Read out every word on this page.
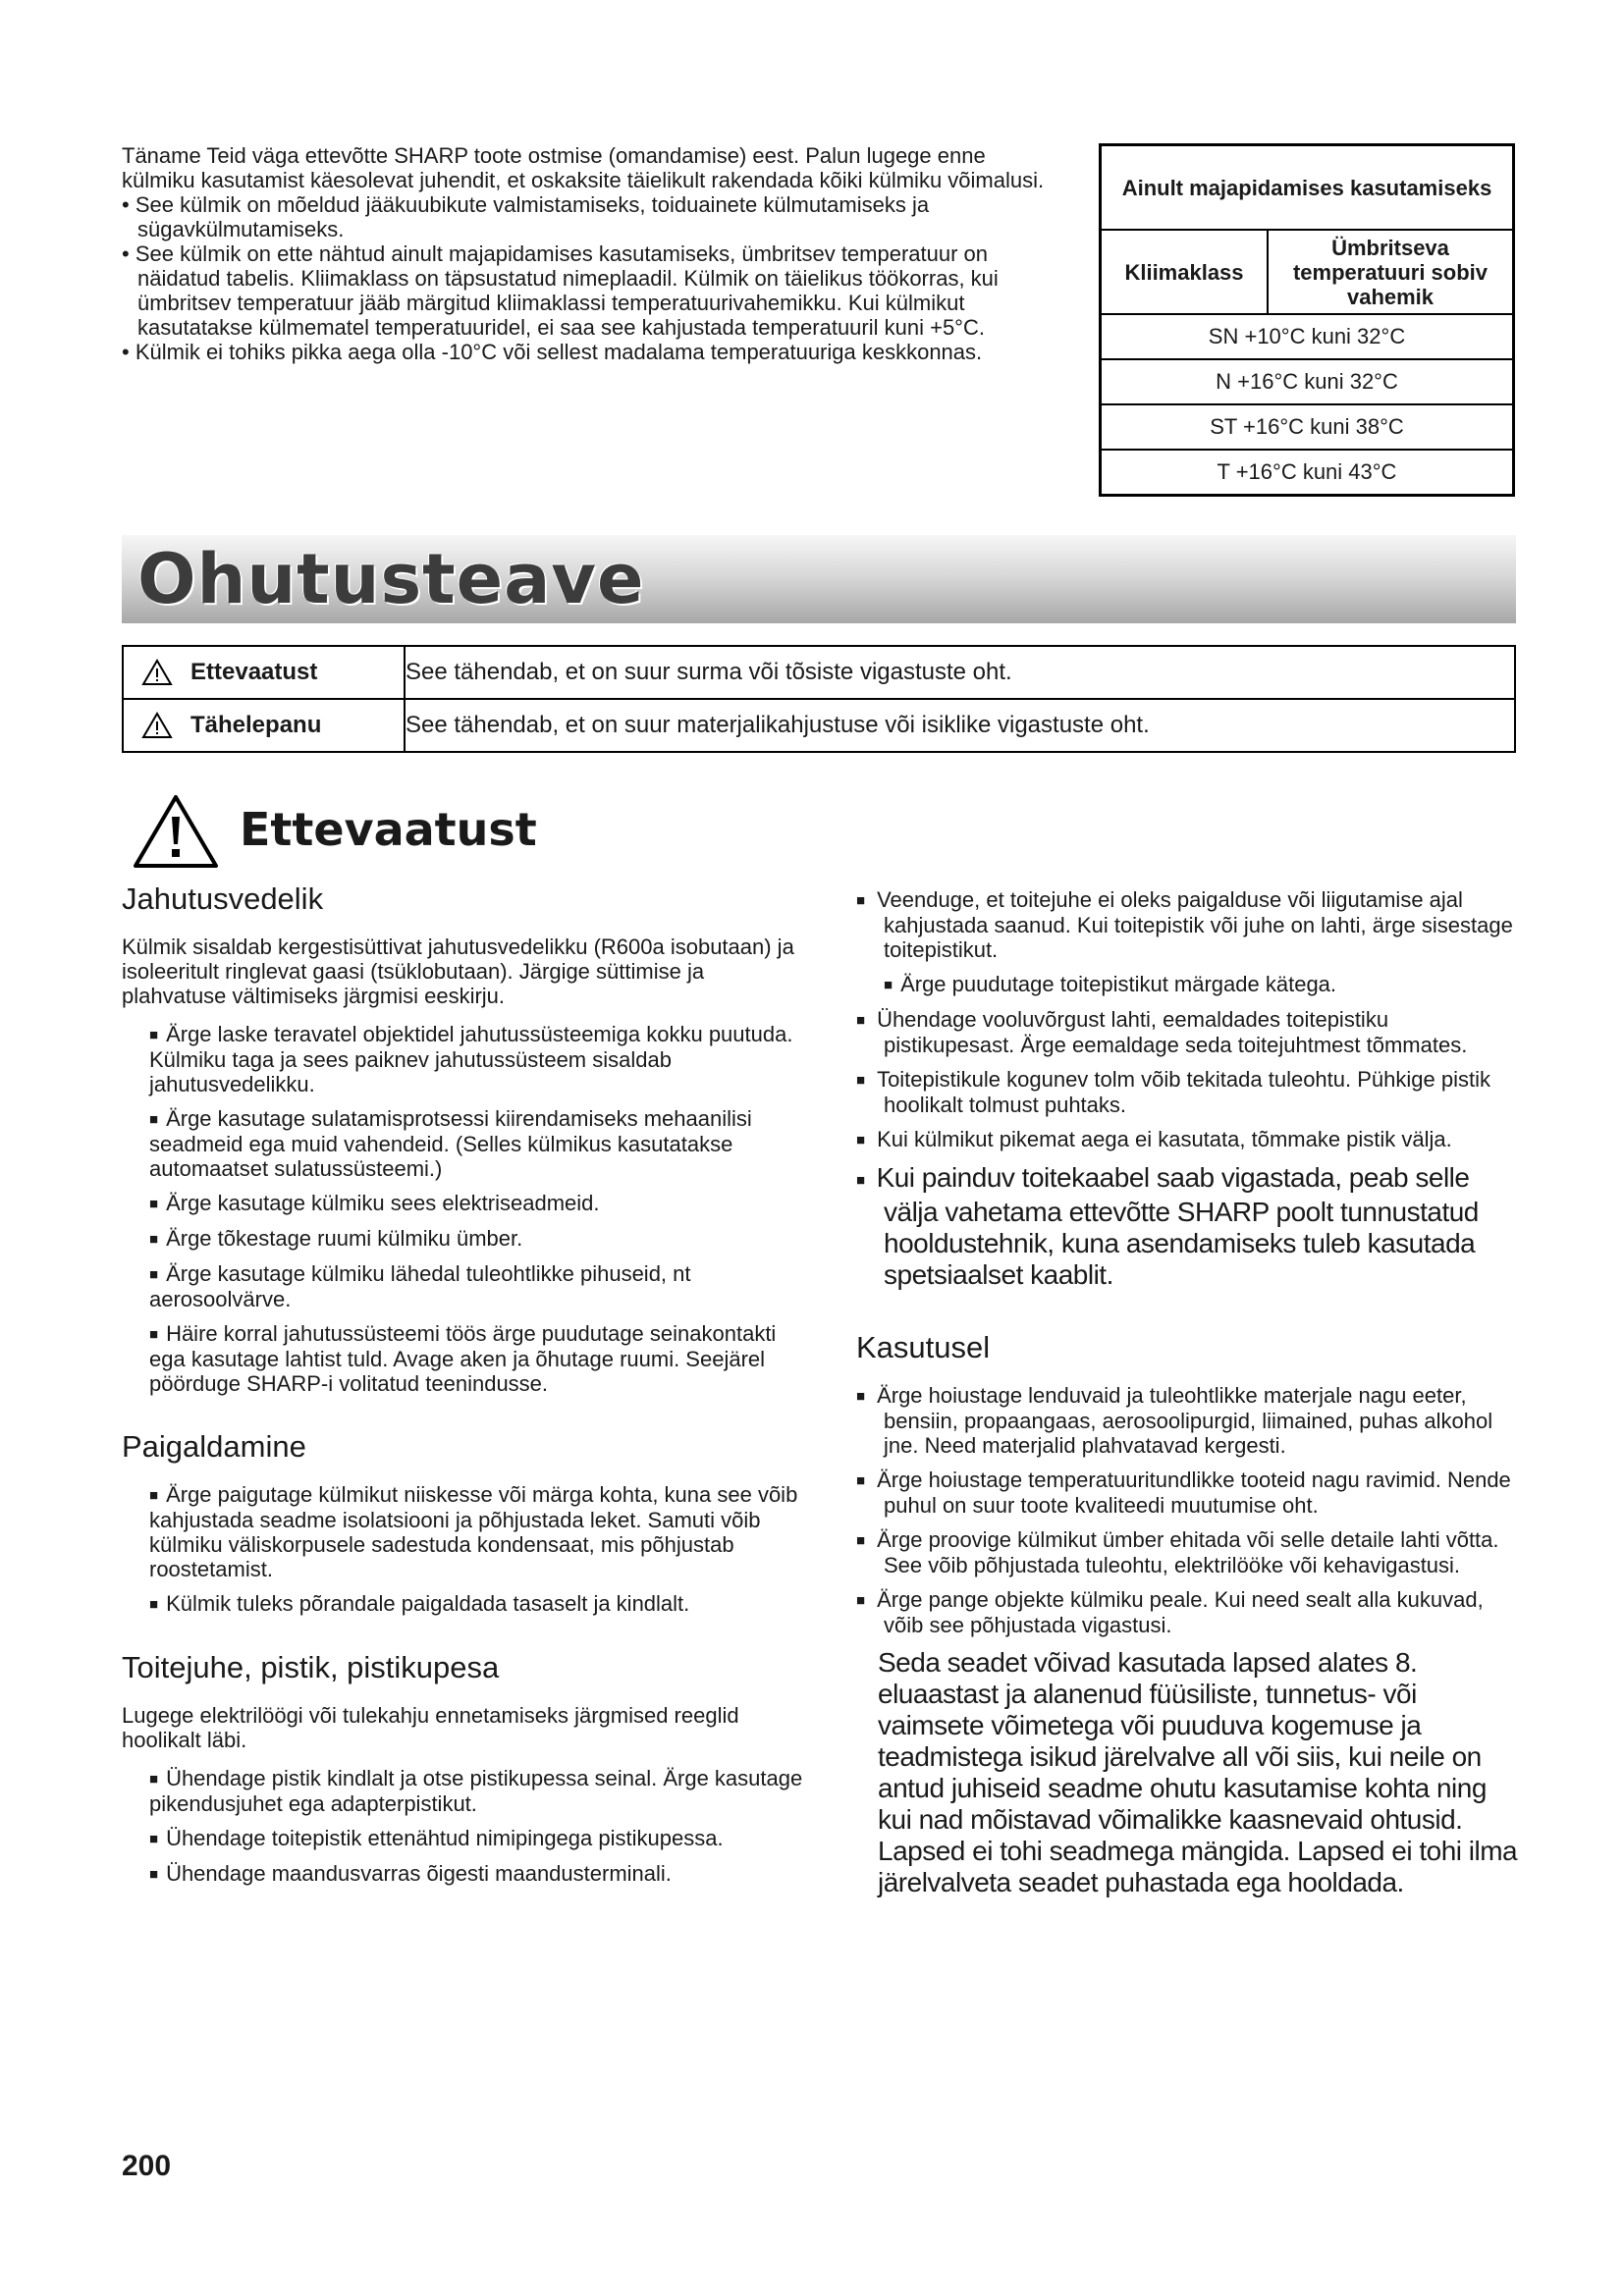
Täname Teid väga ettevõtte SHARP toote ostmise (omandamise) eest. Palun lugege enne külmiku kasutamist käesolevat juhendit, et oskaksite täielikult rakendada kõiki külmiku võimalusi.

• See külmik on mõeldud jääkuubikute valmistamiseks, toiduainete külmutamiseks ja sügavkülmutamiseks.

• See külmik on ette nähtud ainult majapidamises kasutamiseks, ümbritsev temperatuur on näidatud tabelis. Kliimaklass on täpsustatud nimeplaadil. Külmik on täielikus töökorras, kui ümbritsev temperatuur jääb märgitud kliimaklassi temperatuurivahemikku. Kui külmikut kasutatakse külmematel temperatuuridel, ei saa see kahjustada temperatuuril kuni +5°C.

• Külmik ei tohiks pikka aega olla -10°C või sellest madalama temperatuuriga keskkonnas.

Ainult majapidamises kasutamiseks
Kliimaklass	Ümbritseva temperatuuri sobiv vahemik
SN +10°C kuni 32°C
N +16°C kuni 32°C
ST +16°C kuni 38°C
T +16°C kuni 43°C
Ohutusteave
Ettevaatust	See tähendab, et on suur surma või tõsiste vigastuste oht.
Tähelepanu	See tähendab, et on suur materjalikahjustuse või isiklike vigastuste oht.
Ettevaatust
Jahutusvedelik

Külmik sisaldab kergestisüttivat jahutusvedelikku (R600a isobutaan) ja isoleeritult ringlevat gaasi (tsüklobutaan). Järgige süttimise ja plahvatuse vältimiseks järgmisi eeskirju.

■ Ärge laske teravatel objektidel jahutussüsteemiga kokku puutuda. Külmiku taga ja sees paiknev jahutussüsteem sisaldab jahutusvedelikku.

■ Ärge kasutage sulatamisprotsessi kiirendamiseks mehaanilisi seadmeid ega muid vahendeid. (Selles külmikus kasutatakse automaatset sulatussüsteemi.)

■ Ärge kasutage külmiku sees elektriseadmeid.

■ Ärge tõkestage ruumi külmiku ümber.

■ Ärge kasutage külmiku lähedal tuleohtlikke pihuseid, nt aerosoolvärve.

■ Häire korral jahutussüsteemi töös ärge puudutage seinakontakti ega kasutage lahtist tuld. Avage aken ja õhutage ruumi. Seejärel pöörduge SHARP-i volitatud teenindusse.

Paigaldamine

■ Ärge paigutage külmikut niiskesse või märga kohta, kuna see võib kahjustada seadme isolatsiooni ja põhjustada leket. Samuti võib külmiku väliskorpusele sadestuda kondensaat, mis põhjustab roostetamist.

■ Külmik tuleks põrandale paigaldada tasaselt ja kindlalt.

Toitejuhe, pistik, pistikupesa

Lugege elektrilöögi või tulekahju ennetamiseks järgmised reeglid hoolikalt läbi.

■ Ühendage pistik kindlalt ja otse pistikupessa seinal. Ärge kasutage pikendusjuhet ega adapterpistikut.

■ Ühendage toitepistik ettenähtud nimipingega pistikupessa.

■ Ühendage maandusvarras õigesti maandusterminali.

■ Veenduge, et toitejuhe ei oleks paigalduse või liigutamise ajal kahjustada saanud. Kui toitepistik või juhe on lahti, ärge sisestage toitepistikut.

■ Ärge puudutage toitepistikut märgade kätega.

■ Ühendage vooluvõrgust lahti, eemaldades toitepistiku pistikupesast. Ärge eemaldage seda toitejuhtmest tõmmates.

■ Toitepistikule kogunev tolm võib tekitada tuleohtu. Pühkige pistik hoolikalt tolmust puhtaks.

■ Kui külmikut pikemat aega ei kasutata, tõmmake pistik välja.

■ Kui painduv toitekaabel saab vigastada, peab selle välja vahetama ettevõtte SHARP poolt tunnustatud hooldustehnik, kuna asendamiseks tuleb kasutada spetsiaalset kaablit.

Kasutusel

■ Ärge hoiustage lenduvaid ja tuleohtlikke materjale nagu eeter, bensiin, propaangaas, aerosoolipurgid, liimained, puhas alkohol jne. Need materjalid plahvatavad kergesti.

■ Ärge hoiustage temperatuuritundlikke tooteid nagu ravimid. Nende puhul on suur toote kvaliteedi muutumise oht.

■ Ärge proovige külmikut ümber ehitada või selle detaile lahti võtta. See võib põhjustada tuleohtu, elektrilööke või kehavigastusi.

■ Ärge pange objekte külmiku peale. Kui need sealt alla kukuvad, võib see põhjustada vigastusi.

Seda seadet võivad kasutada lapsed alates 8. eluaastast ja alanenud füüsiliste, tunnetus- või vaimsete võimetega või puuduva kogemuse ja teadmistega isikud järelvalve all või siis, kui neile on antud juhiseid seadme ohutu kasutamise kohta ning kui nad mõistavad võimalikke kaasnevaid ohtusid. Lapsed ei tohi seadmega mängida. Lapsed ei tohi ilma järelvalveta seadet puhastada ega hooldada.

200
